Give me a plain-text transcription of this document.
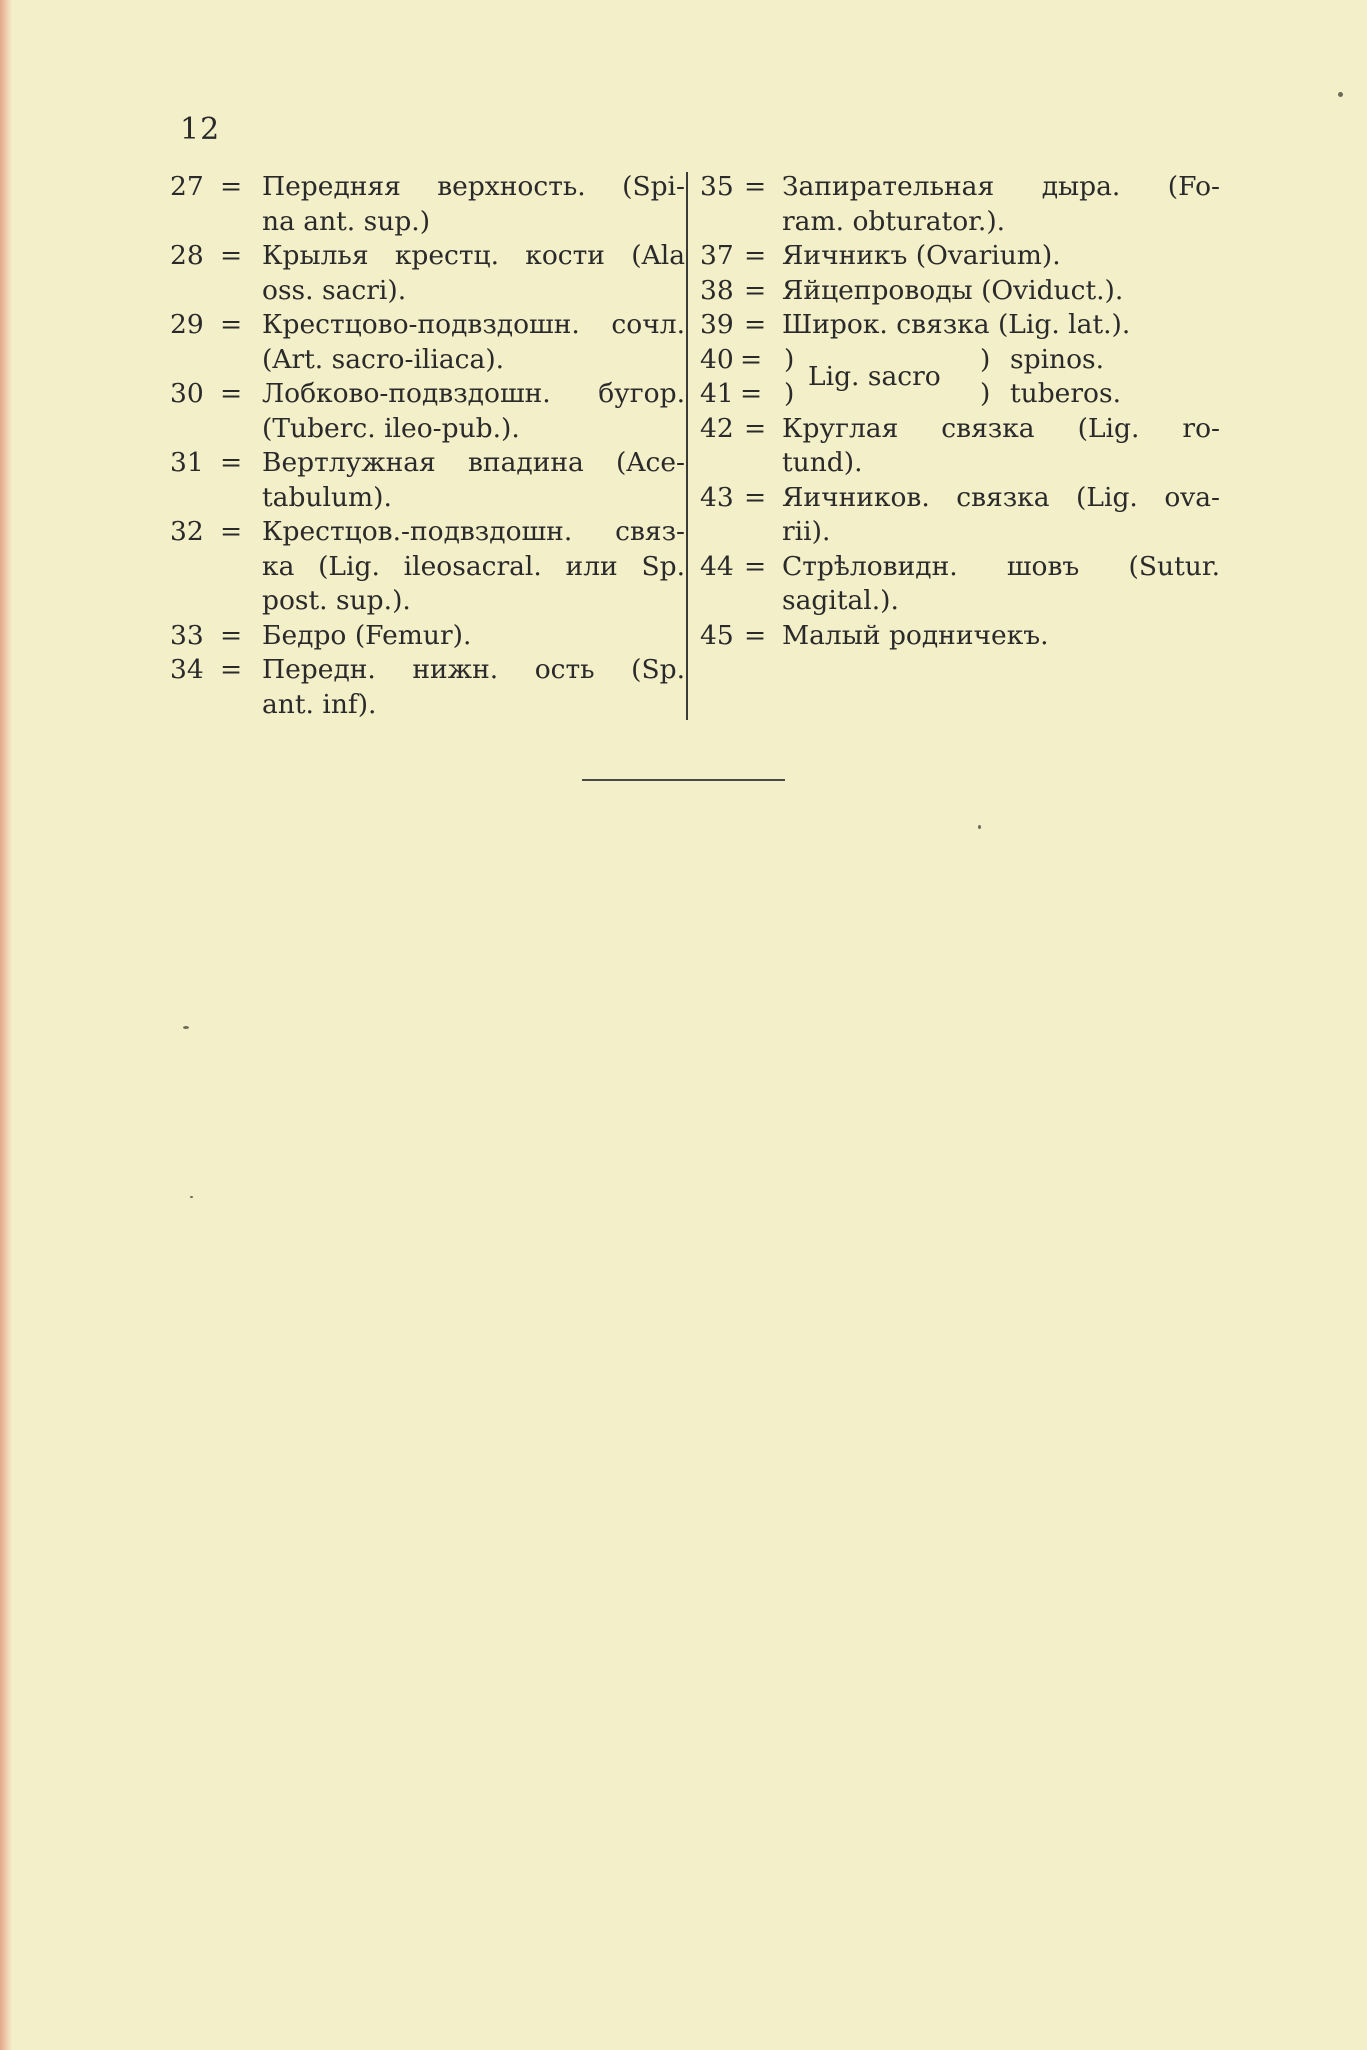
12
27 = Передняя верхность. (Spi-
na ant. sup.)
28 = Крылья крестц. кости (Ala
oss. sacri).
29 = Крестцово-подвздошн. сочл.
(Art. sacro-iliaca).
30 = Лобково-подвздошн. бугор.
(Tuberc. ileo-pub.).
31 = Вертлужная впадина (Ace-
tabulum).
32 = Крестцов.-подвздошн. связ-
ка (Lig. ileosacral. или Sp.
post. sup.).
33 = Бедро (Femur).
34 = Передн. нижн. ость (Sp.
ant. inf).
35 = Запирательная дыра. (Fo-
ram. obturator.).
37 = Яичникъ (Ovarium).
38 = Яйцепроводы (Oviduct.).
39 = Широк. связка (Lig. lat.).
40 = )	) spinos.
41 = )	) tuberos.
Lig. sacro
42 = Круглая связка (Lig. ro-
tund).
43 = Яичников. связка (Lig. ova-
rii).
44 = Стрѣловидн. шовъ (Sutur.
sagital.).
45 = Малый родничекъ.
